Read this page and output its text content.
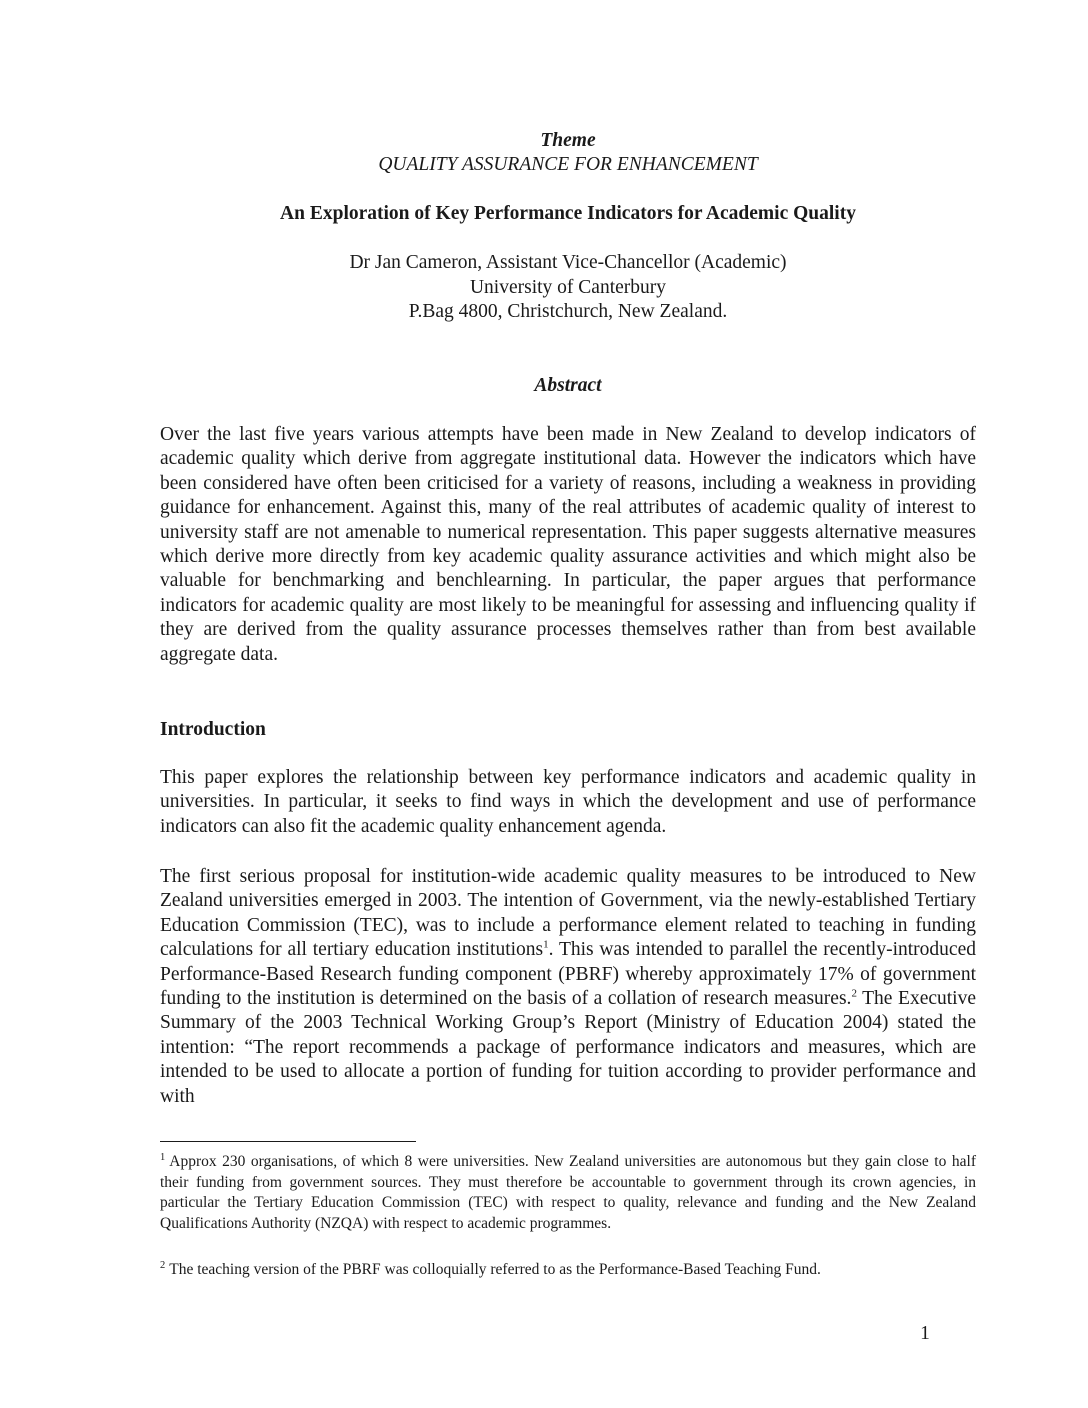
Theme
QUALITY ASSURANCE FOR ENHANCEMENT
An Exploration of Key Performance Indicators for Academic Quality
Dr Jan Cameron, Assistant Vice-Chancellor (Academic)
University of Canterbury
P.Bag 4800, Christchurch, New Zealand.
Abstract
Over the last five years various attempts have been made in New Zealand to develop indicators of academic quality which derive from aggregate institutional data. However the indicators which have been considered have often been criticised for a variety of reasons, including a weakness in providing guidance for enhancement. Against this, many of the real attributes of academic quality of interest to university staff are not amenable to numerical representation. This paper suggests alternative measures which derive more directly from key academic quality assurance activities and which might also be valuable for benchmarking and benchlearning. In particular, the paper argues that performance indicators for academic quality are most likely to be meaningful for assessing and influencing quality if they are derived from the quality assurance processes themselves rather than from best available aggregate data.
Introduction
This paper explores the relationship between key performance indicators and academic quality in universities. In particular, it seeks to find ways in which the development and use of performance indicators can also fit the academic quality enhancement agenda.
The first serious proposal for institution-wide academic quality measures to be introduced to New Zealand universities emerged in 2003. The intention of Government, via the newly-established Tertiary Education Commission (TEC), was to include a performance element related to teaching in funding calculations for all tertiary education institutions$^1$. This was intended to parallel the recently-introduced Performance-Based Research funding component (PBRF) whereby approximately 17% of government funding to the institution is determined on the basis of a collation of research measures.$^2$ The Executive Summary of the 2003 Technical Working Group’s Report (Ministry of Education 2004) stated the intention: “The report recommends a package of performance indicators and measures, which are intended to be used to allocate a portion of funding for tuition according to provider performance and with
$^1$ Approx 230 organisations, of which 8 were universities. New Zealand universities are autonomous but they gain close to half their funding from government sources. They must therefore be accountable to government through its crown agencies, in particular the Tertiary Education Commission (TEC) with respect to quality, relevance and funding and the New Zealand Qualifications Authority (NZQA) with respect to academic programmes.
$^2$ The teaching version of the PBRF was colloquially referred to as the Performance-Based Teaching Fund.
1
